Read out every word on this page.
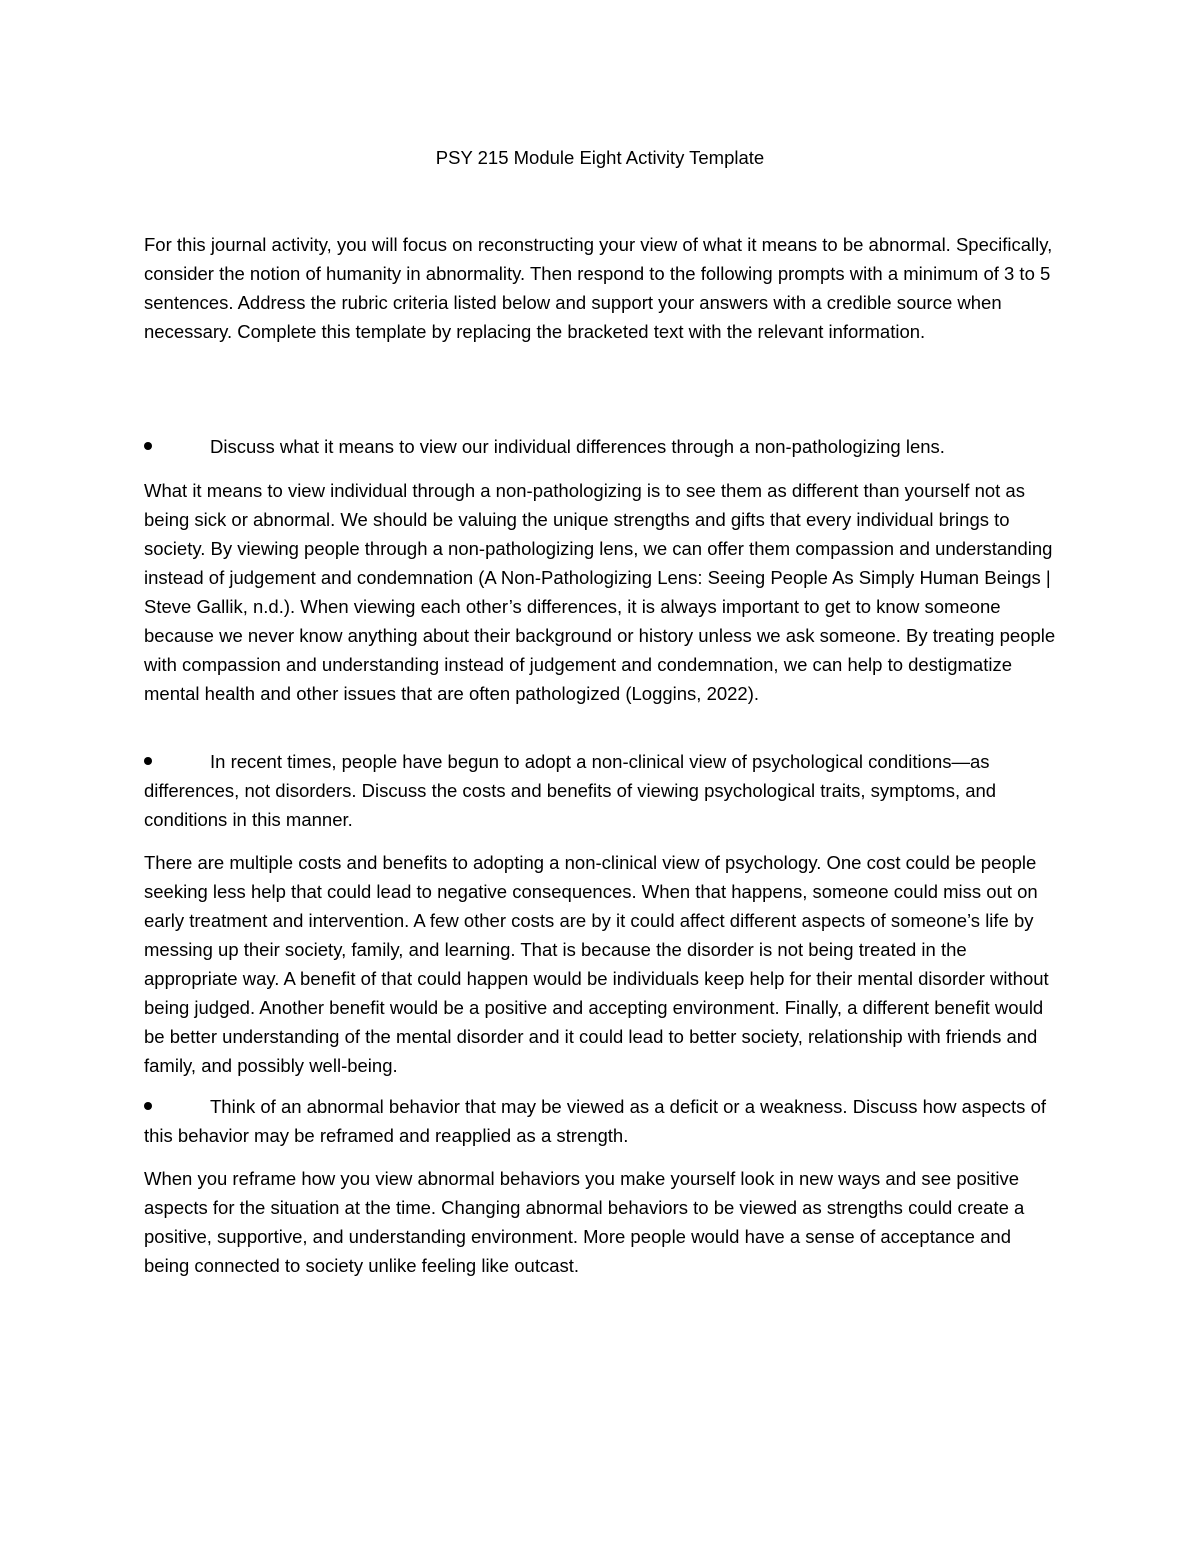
PSY 215 Module Eight Activity Template

For this journal activity, you will focus on reconstructing your view of what it means to be abnormal. Specifically, consider the notion of humanity in abnormality. Then respond to the following prompts with a minimum of 3 to 5 sentences. Address the rubric criteria listed below and support your answers with a credible source when necessary. Complete this template by replacing the bracketed text with the relevant information.

Discuss what it means to view our individual differences through a non-pathologizing lens.

What it means to view individual through a non-pathologizing is to see them as different than yourself not as being sick or abnormal. We should be valuing the unique strengths and gifts that every individual brings to society. By viewing people through a non-pathologizing lens, we can offer them compassion and understanding instead of judgement and condemnation (A Non-Pathologizing Lens: Seeing People As Simply Human Beings | Steve Gallik, n.d.). When viewing each other’s differences, it is always important to get to know someone because we never know anything about their background or history unless we ask someone. By treating people with compassion and understanding instead of judgement and condemnation, we can help to destigmatize mental health and other issues that are often pathologized (Loggins, 2022).

In recent times, people have begun to adopt a non-clinical view of psychological conditions—as differences, not disorders. Discuss the costs and benefits of viewing psychological traits, symptoms, and conditions in this manner.

There are multiple costs and benefits to adopting a non-clinical view of psychology. One cost could be people seeking less help that could lead to negative consequences. When that happens, someone could miss out on early treatment and intervention. A few other costs are by it could affect different aspects of someone’s life by messing up their society, family, and learning. That is because the disorder is not being treated in the appropriate way. A benefit of that could happen would be individuals keep help for their mental disorder without being judged. Another benefit would be a positive and accepting environment. Finally, a different benefit would be better understanding of the mental disorder and it could lead to better society, relationship with friends and family, and possibly well-being.

Think of an abnormal behavior that may be viewed as a deficit or a weakness. Discuss how aspects of this behavior may be reframed and reapplied as a strength.

When you reframe how you view abnormal behaviors you make yourself look in new ways and see positive aspects for the situation at the time. Changing abnormal behaviors to be viewed as strengths could create a positive, supportive, and understanding environment. More people would have a sense of acceptance and being connected to society unlike feeling like outcast.
